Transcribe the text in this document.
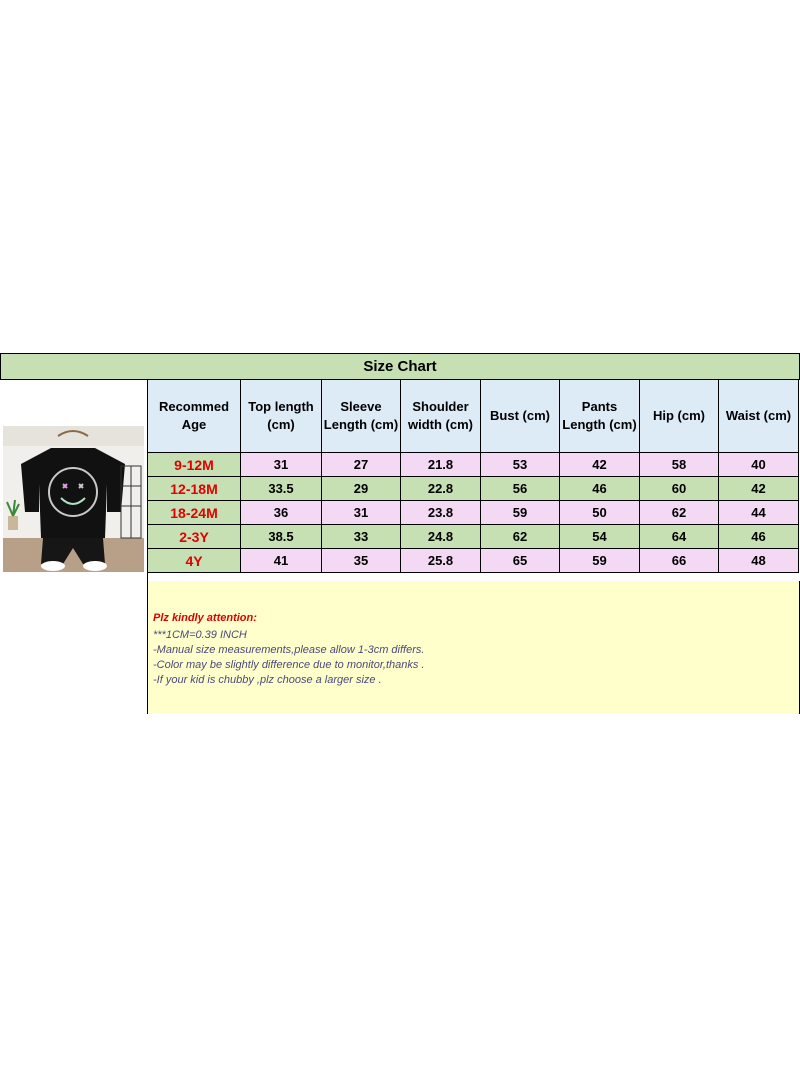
Size Chart
Recommed Age	Top length (cm)	Sleeve Length (cm)	Shoulder width (cm)	Bust (cm)	Pants Length (cm)	Hip (cm)	Waist (cm)
9-12M	31	27	21.8	53	42	58	40
12-18M	33.5	29	22.8	56	46	60	42
18-24M	36	31	23.8	59	50	62	44
2-3Y	38.5	33	24.8	62	54	64	46
4Y	41	35	25.8	65	59	66	48
Plz kindly attention:
***1CM=0.39 INCH
-Manual size measurements,please allow 1-3cm differs.
-Color may be slightly difference due to monitor,thanks .
-If your kid is chubby ,plz choose a larger size .
